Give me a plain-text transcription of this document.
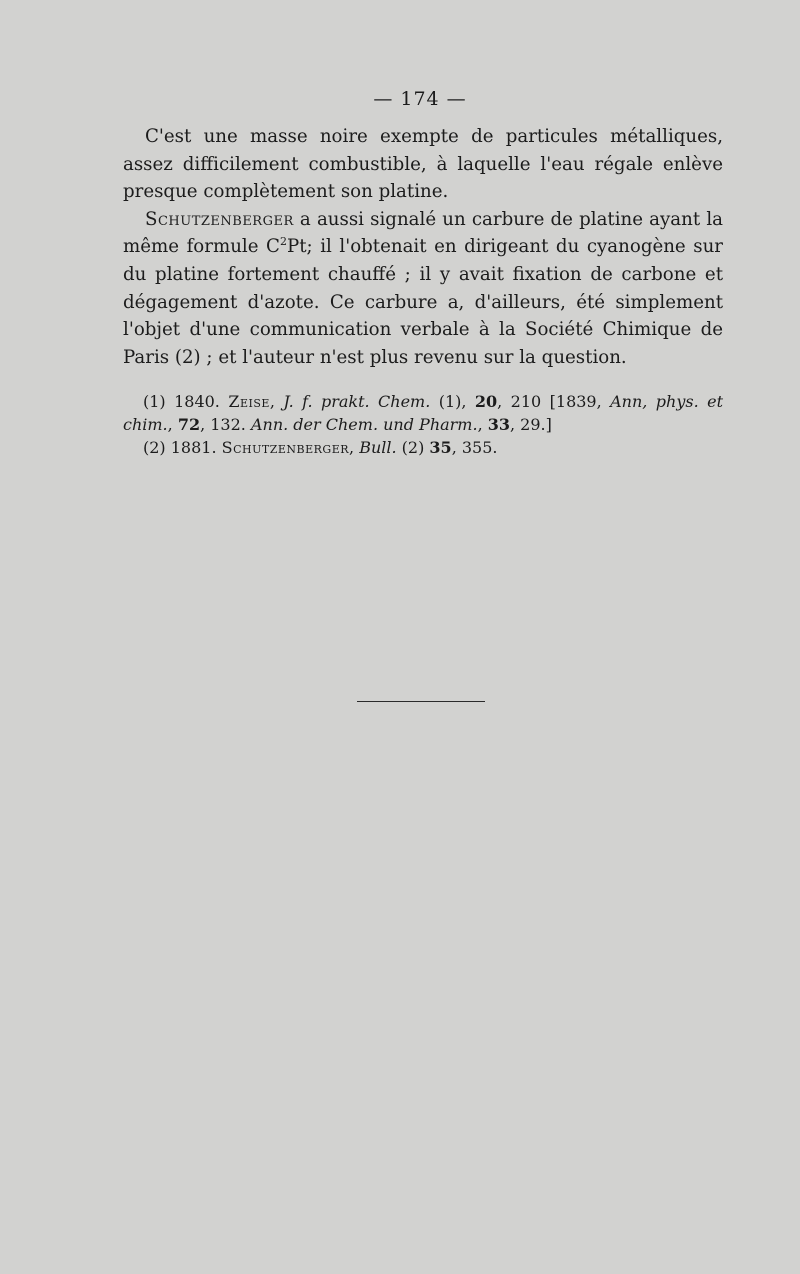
— 174 —

C'est une masse noire exempte de particules métalliques, assez difficilement combustible, à laquelle l'eau régale enlève presque complètement son platine.

Schutzenberger a aussi signalé un carbure de platine ayant la même formule $C^2Pt$; il l'obtenait en dirigeant du cyanogène sur du platine fortement chauffé ; il y avait fixation de carbone et dégagement d'azote. Ce carbure a, d'ailleurs, été simplement l'objet d'une communication verbale à la Société Chimique de Paris (2) ; et l'auteur n'est plus revenu sur la question.

(1) 1840. Zeise, J. f. prakt. Chem. (1), 20, 210 [1839, Ann, phys. et chim., 72, 132. Ann. der Chem. und Pharm., 33, 29.]

(2) 1881. Schutzenberger, Bull. (2) 35, 355.
